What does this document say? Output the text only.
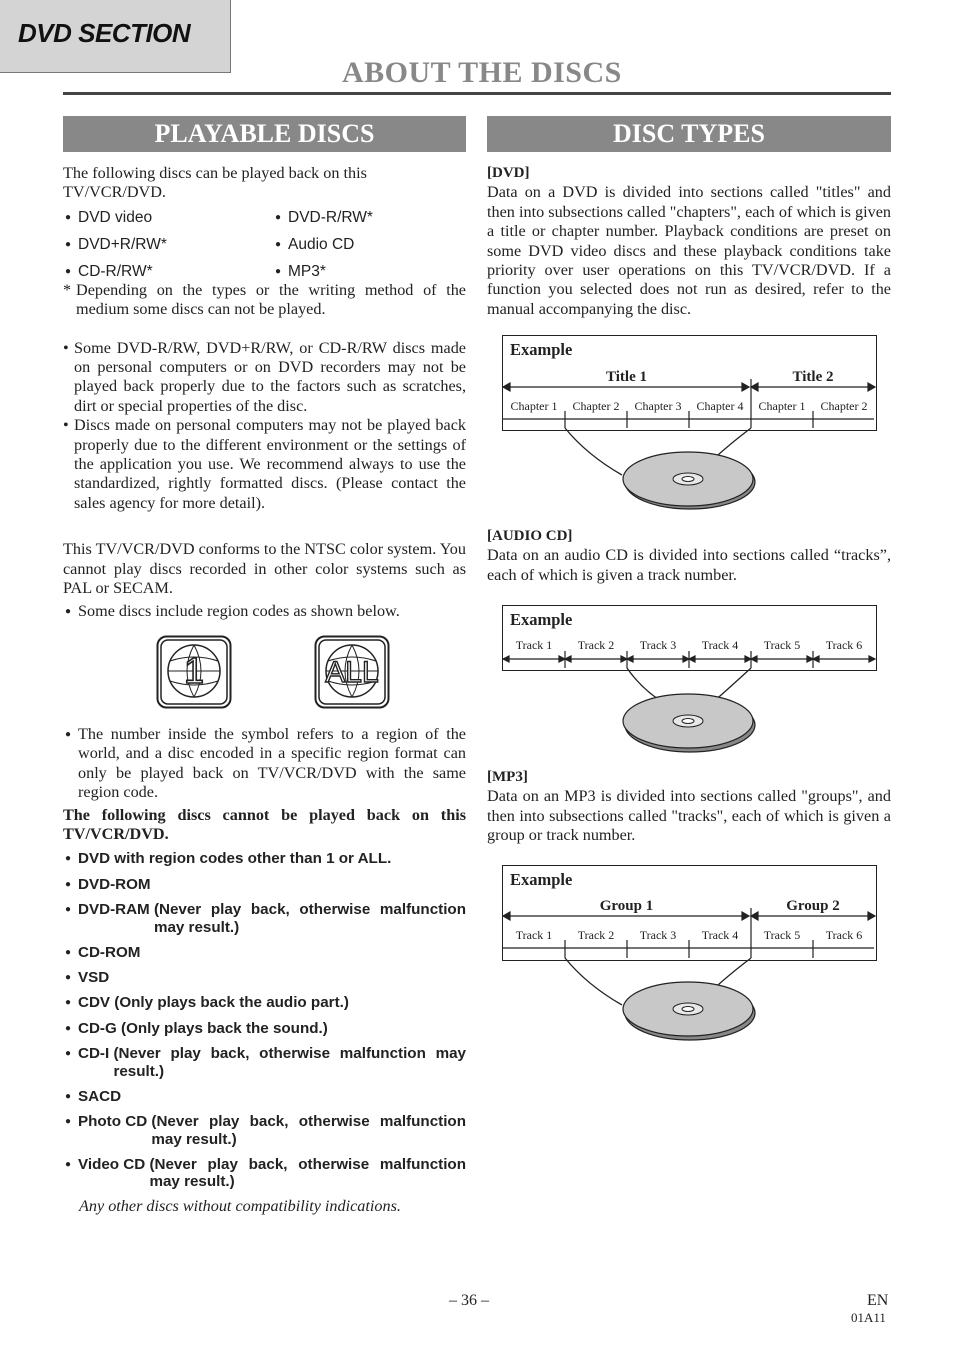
DVD SECTION
ABOUT THE DISCS
PLAYABLE DISCS

The following discs can be played back on this TV/VCR/DVD.

● DVD video	● DVD-R/RW*
● DVD+R/RW*	● Audio CD
● CD-R/RW*	● MP3*

* Depending on the types or the writing method of the medium some discs can not be played.

• Some DVD-R/RW, DVD+R/RW, or CD-R/RW discs made on personal computers or on DVD recorders may not be played back properly due to the factors such as scratches, dirt or special properties of the disc.

• Discs made on personal computers may not be played back properly due to the different environment or the settings of the application you use. We recommend always to use the standardized, rightly formatted discs. (Please contact the sales agency for more detail).

This TV/VCR/DVD conforms to the NTSC color system. You cannot play discs recorded in other color systems such as PAL or SECAM.

● Some discs include region codes as shown below.

1	ALL

● The number inside the symbol refers to a region of the world, and a disc encoded in a specific region format can only be played back on TV/VCR/DVD with the same region code.

The following discs cannot be played back on this TV/VCR/DVD.

● DVD with region codes other than 1 or ALL.

● DVD-ROM

● DVD-RAM (Never play back, otherwise malfunction may result.)

● CD-ROM

● VSD

● CDV (Only plays back the audio part.)

● CD-G (Only plays back the sound.)

● CD-I (Never play back, otherwise malfunction may result.)

● SACD

● Photo CD (Never play back, otherwise malfunction may result.)

● Video CD (Never play back, otherwise malfunction may result.)

Any other discs without compatibility indications.

DISC TYPES

[DVD]

Data on a DVD is divided into sections called "titles" and then into subsections called "chapters", each of which is given a title or chapter number. Playback conditions are preset on some DVD video discs and these playback conditions take priority over user operations on this TV/VCR/DVD. If a function you selected does not run as desired, refer to the manual accompanying the disc.

Example
Title 1	Title 2
Chapter 1	Chapter 2	Chapter 3	Chapter 4	Chapter 1	Chapter 2

[AUDIO CD]

Data on an audio CD is divided into sections called “tracks”, each of which is given a track number.

Example
Track 1	Track 2	Track 3	Track 4	Track 5	Track 6

[MP3]

Data on an MP3 is divided into sections called "groups", and then into subsections called "tracks", each of which is given a group or track number.

Example
Group 1	Group 2
Track 1	Track 2	Track 3	Track 4	Track 5	Track 6
– 36 –	EN
01A11
